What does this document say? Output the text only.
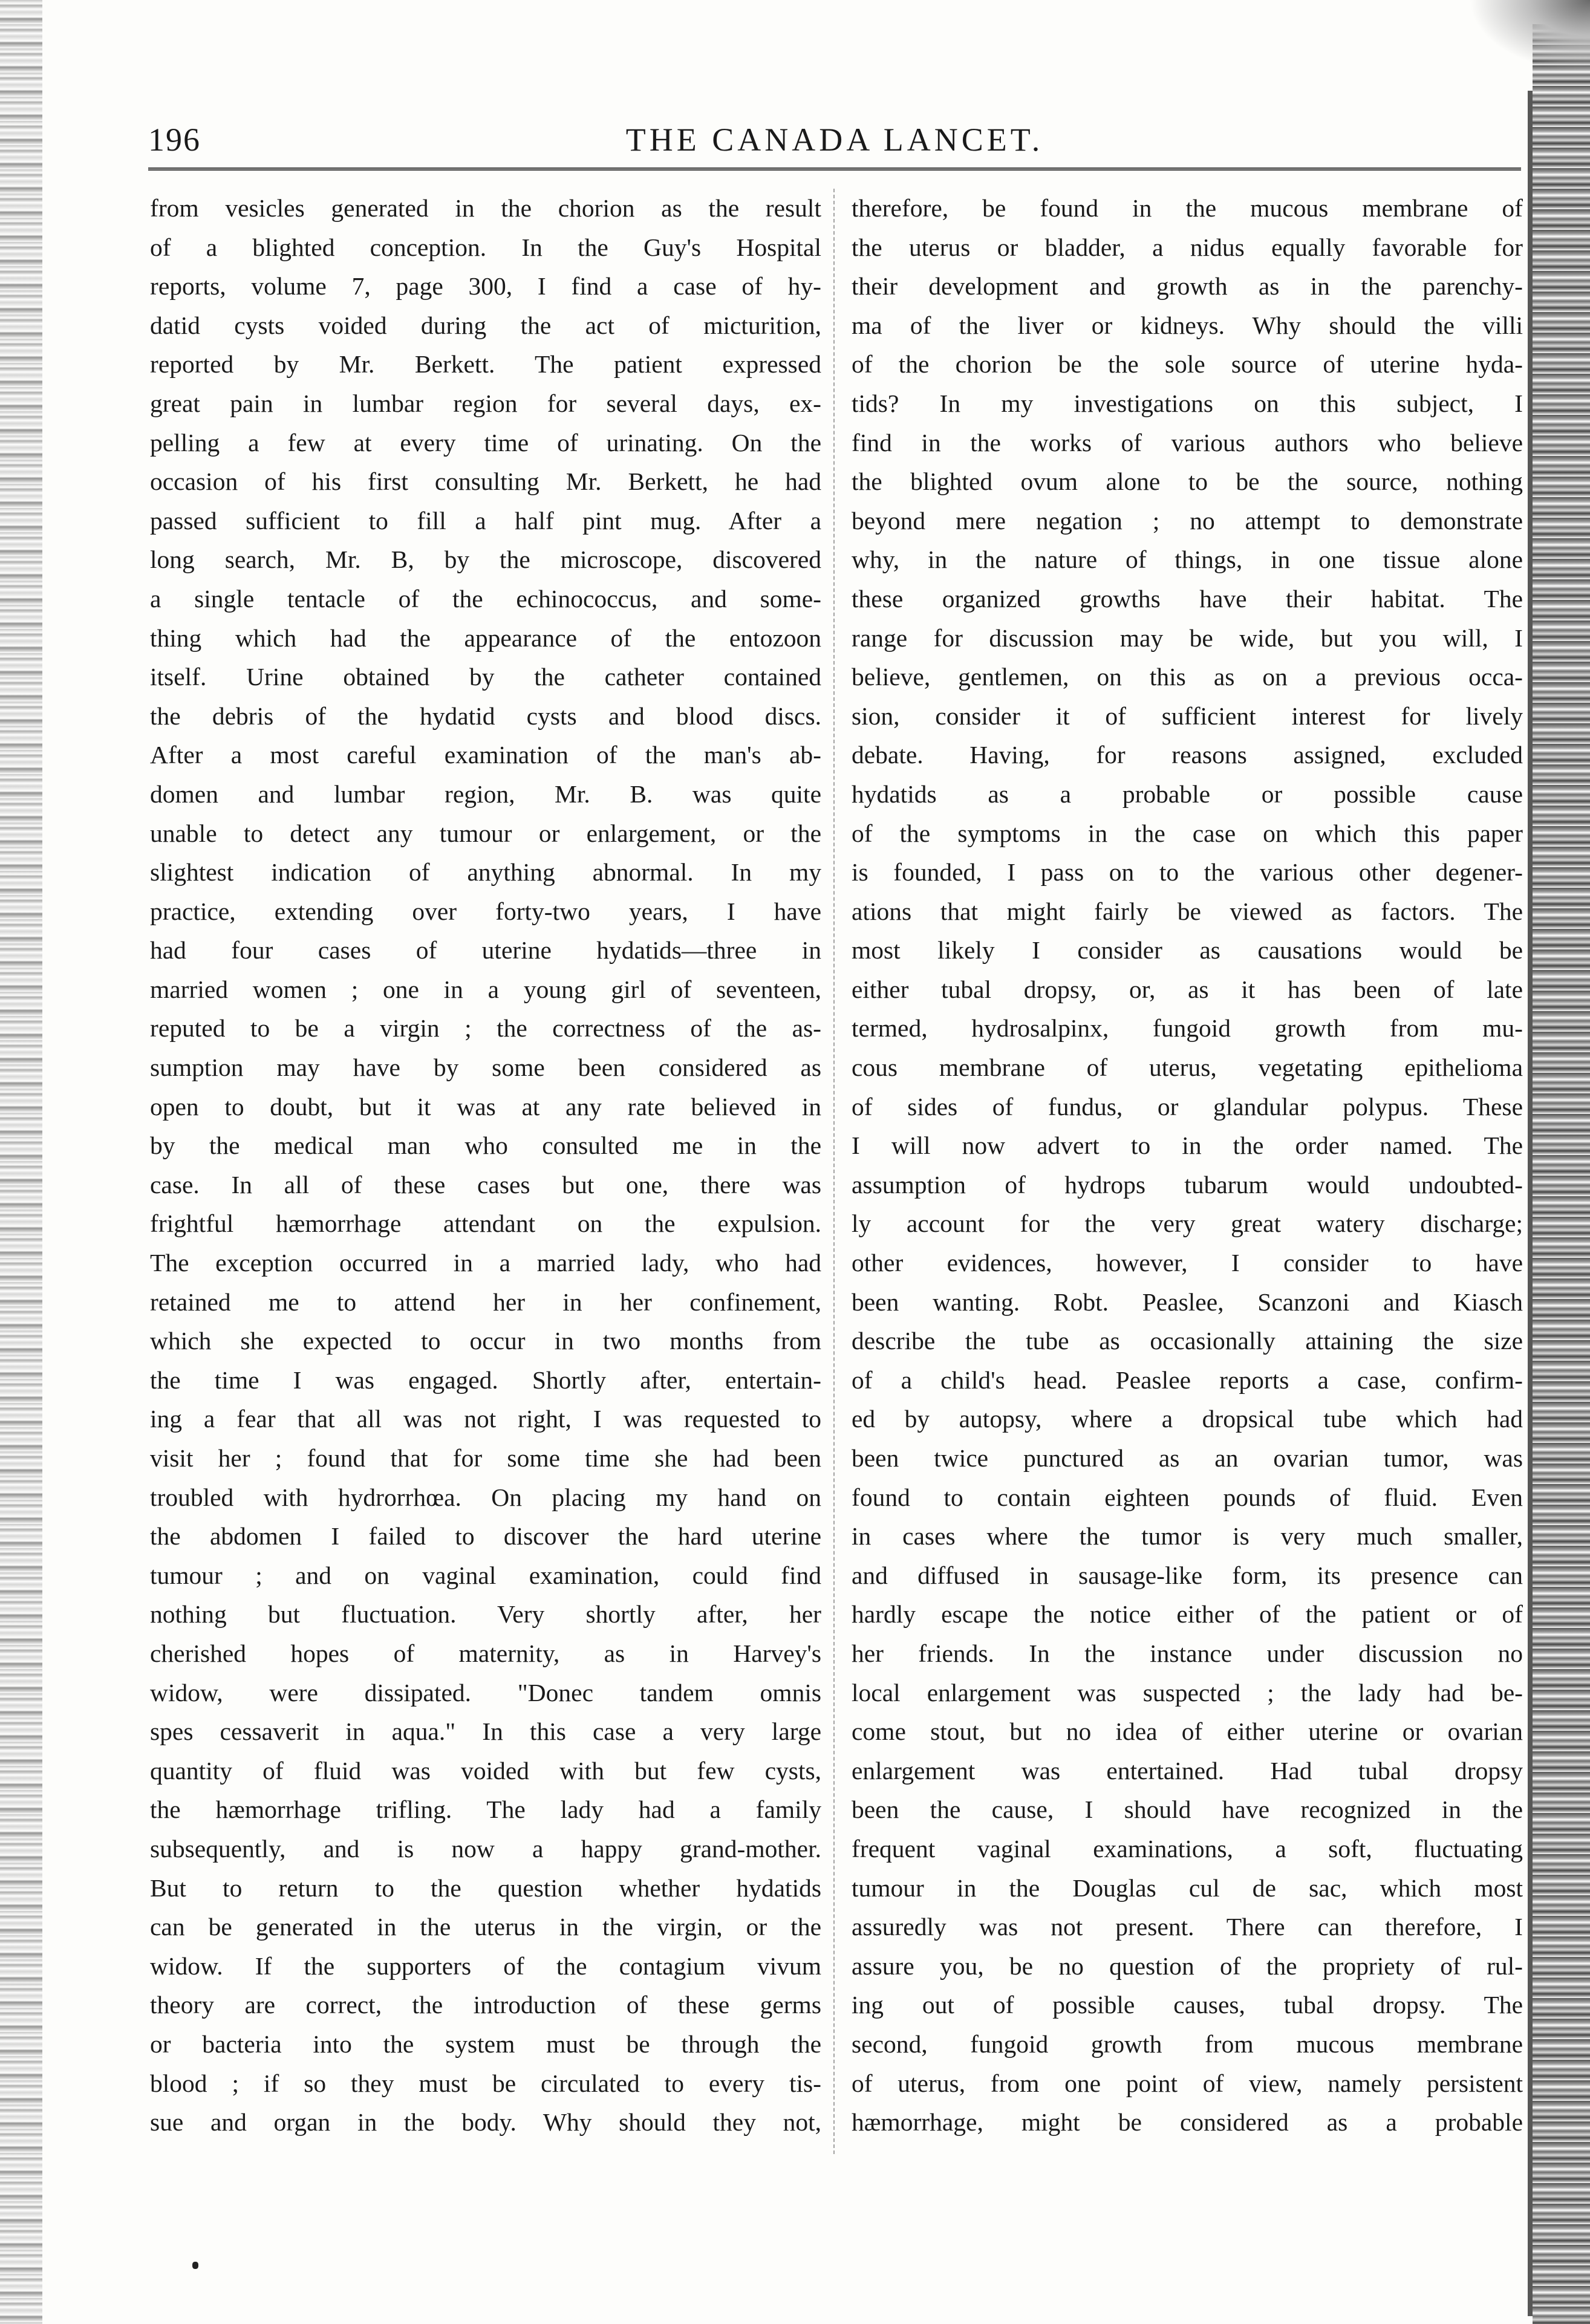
196	THE CANADA LANCET.
from vesicles generated in the chorion as the result
of a blighted conception. In the Guy's Hospital
reports, volume 7, page 300, I find a case of hy-
datid cysts voided during the act of micturition,
reported by Mr. Berkett. The patient expressed
great pain in lumbar region for several days, ex-
pelling a few at every time of urinating. On the
occasion of his first consulting Mr. Berkett, he had
passed sufficient to fill a half pint mug. After a
long search, Mr. B, by the microscope, discovered
a single tentacle of the echinococcus, and some-
thing which had the appearance of the entozoon
itself. Urine obtained by the catheter contained
the debris of the hydatid cysts and blood discs.
After a most careful examination of the man's ab-
domen and lumbar region, Mr. B. was quite
unable to detect any tumour or enlargement, or the
slightest indication of anything abnormal. In my
practice, extending over forty-two years, I have
had four cases of uterine hydatids—three in
married women ; one in a young girl of seventeen,
reputed to be a virgin ; the correctness of the as-
sumption may have by some been considered as
open to doubt, but it was at any rate believed in
by the medical man who consulted me in the
case. In all of these cases but one, there was
frightful hæmorrhage attendant on the expulsion.
The exception occurred in a married lady, who had
retained me to attend her in her confinement,
which she expected to occur in two months from
the time I was engaged. Shortly after, entertain-
ing a fear that all was not right, I was requested to
visit her ; found that for some time she had been
troubled with hydrorrhœa. On placing my hand on
the abdomen I failed to discover the hard uterine
tumour ; and on vaginal examination, could find
nothing but fluctuation. Very shortly after, her
cherished hopes of maternity, as in Harvey's
widow, were dissipated. "Donec tandem omnis
spes cessaverit in aqua." In this case a very large
quantity of fluid was voided with but few cysts,
the hæmorrhage trifling. The lady had a family
subsequently, and is now a happy grand-mother.
But to return to the question whether hydatids
can be generated in the uterus in the virgin, or the
widow. If the supporters of the contagium vivum
theory are correct, the introduction of these germs
or bacteria into the system must be through the
blood ; if so they must be circulated to every tis-
sue and organ in the body. Why should they not,
therefore, be found in the mucous membrane of
the uterus or bladder, a nidus equally favorable for
their development and growth as in the parenchy-
ma of the liver or kidneys. Why should the villi
of the chorion be the sole source of uterine hyda-
tids? In my investigations on this subject, I
find in the works of various authors who believe
the blighted ovum alone to be the source, nothing
beyond mere negation ; no attempt to demonstrate
why, in the nature of things, in one tissue alone
these organized growths have their habitat. The
range for discussion may be wide, but you will, I
believe, gentlemen, on this as on a previous occa-
sion, consider it of sufficient interest for lively
debate. Having, for reasons assigned, excluded
hydatids as a probable or possible cause
of the symptoms in the case on which this paper
is founded, I pass on to the various other degener-
ations that might fairly be viewed as factors. The
most likely I consider as causations would be
either tubal dropsy, or, as it has been of late
termed, hydrosalpinx, fungoid growth from mu-
cous membrane of uterus, vegetating epithelioma
of sides of fundus, or glandular polypus. These
I will now advert to in the order named. The
assumption of hydrops tubarum would undoubted-
ly account for the very great watery discharge;
other evidences, however, I consider to have
been wanting. Robt. Peaslee, Scanzoni and Kiasch
describe the tube as occasionally attaining the size
of a child's head. Peaslee reports a case, confirm-
ed by autopsy, where a dropsical tube which had
been twice punctured as an ovarian tumor, was
found to contain eighteen pounds of fluid. Even
in cases where the tumor is very much smaller,
and diffused in sausage-like form, its presence can
hardly escape the notice either of the patient or of
her friends. In the instance under discussion no
local enlargement was suspected ; the lady had be-
come stout, but no idea of either uterine or ovarian
enlargement was entertained. Had tubal dropsy
been the cause, I should have recognized in the
frequent vaginal examinations, a soft, fluctuating
tumour in the Douglas cul de sac, which most
assuredly was not present. There can therefore, I
assure you, be no question of the propriety of rul-
ing out of possible causes, tubal dropsy. The
second, fungoid growth from mucous membrane
of uterus, from one point of view, namely persistent
hæmorrhage, might be considered as a probable
